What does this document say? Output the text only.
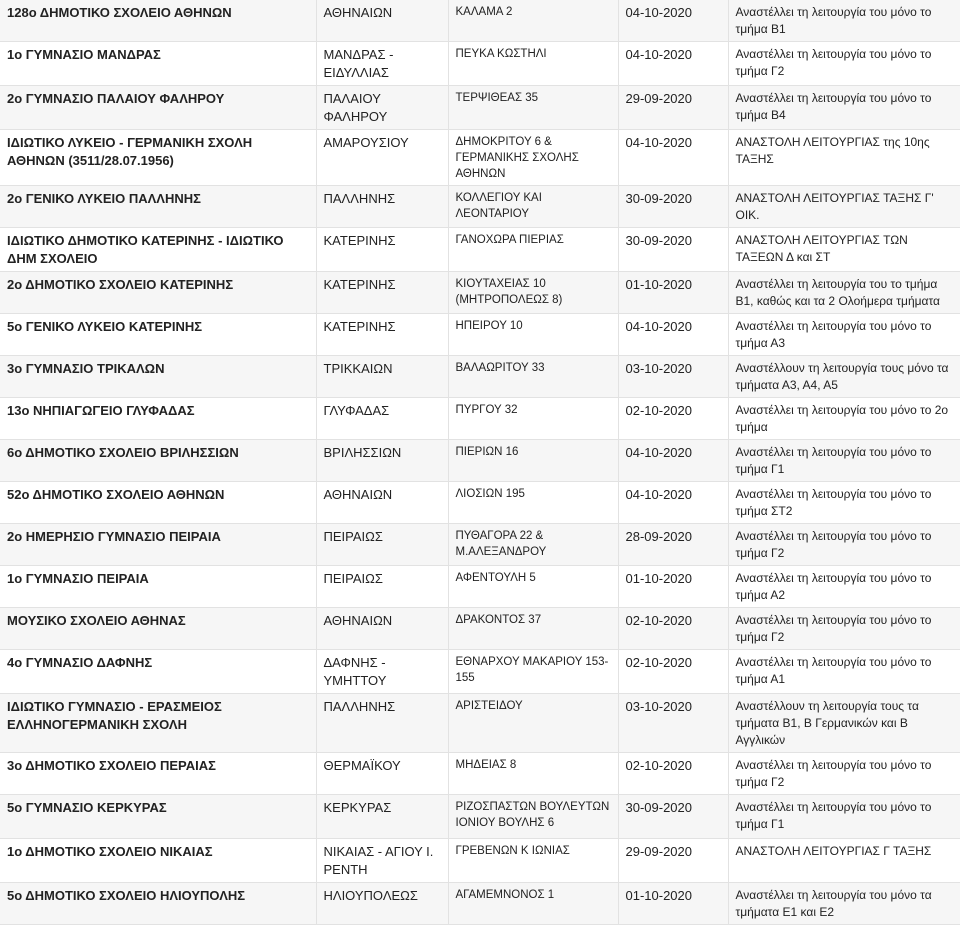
128ο ΔΗΜΟΤΙΚΟ ΣΧΟΛΕΙΟ ΑΘΗΝΩΝ	ΑΘΗΝΑΙΩΝ	ΚΑΛΑΜΑ 2	04-10-2020	Αναστέλλει τη λειτουργία του μόνο το τμήμα Β1
1ο ΓΥΜΝΑΣΙΟ ΜΑΝΔΡΑΣ	ΜΑΝΔΡΑΣ - ΕΙΔΥΛΛΙΑΣ	ΠΕΥΚΑ ΚΩΣΤΗΛΙ	04-10-2020	Αναστέλλει τη λειτουργία του μόνο το τμήμα Γ2
2ο ΓΥΜΝΑΣΙΟ ΠΑΛΑΙΟΥ ΦΑΛΗΡΟΥ	ΠΑΛΑΙΟΥ ΦΑΛΗΡΟΥ	ΤΕΡΨΙΘΕΑΣ 35	29-09-2020	Αναστέλλει τη λειτουργία του μόνο το τμήμα Β4
ΙΔΙΩΤΙΚΟ ΛΥΚΕΙΟ - ΓΕΡΜΑΝΙΚΗ ΣΧΟΛΗ ΑΘΗΝΩΝ (3511/28.07.1956)	ΑΜΑΡΟΥΣΙΟΥ	ΔΗΜΟΚΡΙΤΟΥ 6 & ΓΕΡΜΑΝΙΚΗΣ ΣΧΟΛΗΣ ΑΘΗΝΩΝ	04-10-2020	ΑΝΑΣΤΟΛΗ ΛΕΙΤΟΥΡΓΙΑΣ της 10ης ΤΑΞΗΣ
2ο ΓΕΝΙΚΟ ΛΥΚΕΙΟ ΠΑΛΛΗΝΗΣ	ΠΑΛΛΗΝΗΣ	ΚΟΛΛΕΓΙΟΥ ΚΑΙ ΛΕΟΝΤΑΡΙΟΥ	30-09-2020	ΑΝΑΣΤΟΛΗ ΛΕΙΤΟΥΡΓΙΑΣ ΤΑΞΗΣ Γ' ΟΙΚ.
ΙΔΙΩΤΙΚΟ ΔΗΜΟΤΙΚΟ ΚΑΤΕΡΙΝΗΣ - ΙΔΙΩΤΙΚΟ ΔΗΜ ΣΧΟΛΕΙΟ	ΚΑΤΕΡΙΝΗΣ	ΓΑΝΟΧΩΡΑ ΠΙΕΡΙΑΣ	30-09-2020	ΑΝΑΣΤΟΛΗ ΛΕΙΤΟΥΡΓΙΑΣ ΤΩΝ ΤΑΞΕΩΝ Δ και ΣΤ
2ο ΔΗΜΟΤΙΚΟ ΣΧΟΛΕΙΟ ΚΑΤΕΡΙΝΗΣ	ΚΑΤΕΡΙΝΗΣ	ΚΙΟΥΤΑΧΕΙΑΣ 10 (ΜΗΤΡΟΠΟΛΕΩΣ 8)	01-10-2020	Αναστέλλει τη λειτουργία του το τμήμα Β1, καθώς και τα 2 Ολοήμερα τμήματα
5ο ΓΕΝΙΚΟ ΛΥΚΕΙΟ ΚΑΤΕΡΙΝΗΣ	ΚΑΤΕΡΙΝΗΣ	ΗΠΕΙΡΟΥ 10	04-10-2020	Αναστέλλει τη λειτουργία του μόνο το τμήμα Α3
3ο ΓΥΜΝΑΣΙΟ ΤΡΙΚΑΛΩΝ	ΤΡΙΚΚΑΙΩΝ	ΒΑΛΑΩΡΙΤΟΥ 33	03-10-2020	Αναστέλλουν τη λειτουργία τους μόνο τα τμήματα Α3, Α4, Α5
13ο ΝΗΠΙΑΓΩΓΕΙΟ ΓΛΥΦΑΔΑΣ	ΓΛΥΦΑΔΑΣ	ΠΥΡΓΟΥ 32	02-10-2020	Αναστέλλει τη λειτουργία του μόνο το 2ο τμήμα
6ο ΔΗΜΟΤΙΚΟ ΣΧΟΛΕΙΟ ΒΡΙΛΗΣΣΙΩΝ	ΒΡΙΛΗΣΣΙΩΝ	ΠΙΕΡΙΩΝ 16	04-10-2020	Αναστέλλει τη λειτουργία του μόνο το τμήμα Γ1
52ο ΔΗΜΟΤΙΚΟ ΣΧΟΛΕΙΟ ΑΘΗΝΩΝ	ΑΘΗΝΑΙΩΝ	ΛΙΟΣΙΩΝ 195	04-10-2020	Αναστέλλει τη λειτουργία του μόνο το τμήμα ΣΤ2
2ο ΗΜΕΡΗΣΙΟ ΓΥΜΝΑΣΙΟ ΠΕΙΡΑΙΑ	ΠΕΙΡΑΙΩΣ	ΠΥΘΑΓΟΡΑ 22 & Μ.ΑΛΕΞΑΝΔΡΟΥ	28-09-2020	Αναστέλλει τη λειτουργία του μόνο το τμήμα Γ2
1ο ΓΥΜΝΑΣΙΟ ΠΕΙΡΑΙΑ	ΠΕΙΡΑΙΩΣ	ΑΦΕΝΤΟΥΛΗ 5	01-10-2020	Αναστέλλει τη λειτουργία του μόνο το τμήμα Α2
ΜΟΥΣΙΚΟ ΣΧΟΛΕΙΟ ΑΘΗΝΑΣ	ΑΘΗΝΑΙΩΝ	ΔΡΑΚΟΝΤΟΣ 37	02-10-2020	Αναστέλλει τη λειτουργία του μόνο το τμήμα Γ2
4ο ΓΥΜΝΑΣΙΟ ΔΑΦΝΗΣ	ΔΑΦΝΗΣ - ΥΜΗΤΤΟΥ	ΕΘΝΑΡΧΟΥ ΜΑΚΑΡΙΟΥ 153-155	02-10-2020	Αναστέλλει τη λειτουργία του μόνο το τμήμα Α1
ΙΔΙΩΤΙΚΟ ΓΥΜΝΑΣΙΟ - ΕΡΑΣΜΕΙΟΣ ΕΛΛΗΝΟΓΕΡΜΑΝΙΚΗ ΣΧΟΛΗ	ΠΑΛΛΗΝΗΣ	ΑΡΙΣΤΕΙΔΟΥ	03-10-2020	Αναστέλλουν τη λειτουργία τους τα τμήματα Β1, Β Γερμανικών και Β Αγγλικών
3ο ΔΗΜΟΤΙΚΟ ΣΧΟΛΕΙΟ ΠΕΡΑΙΑΣ	ΘΕΡΜΑΪΚΟΥ	ΜΗΔΕΙΑΣ 8	02-10-2020	Αναστέλλει τη λειτουργία του μόνο το τμήμα Γ2
5ο ΓΥΜΝΑΣΙΟ ΚΕΡΚΥΡΑΣ	ΚΕΡΚΥΡΑΣ	ΡΙΖΟΣΠΑΣΤΩΝ ΒΟΥΛΕΥΤΩΝ ΙΟΝΙΟΥ ΒΟΥΛΗΣ 6	30-09-2020	Αναστέλλει τη λειτουργία του μόνο το τμήμα Γ1
1ο ΔΗΜΟΤΙΚΟ ΣΧΟΛΕΙΟ ΝΙΚΑΙΑΣ	ΝΙΚΑΙΑΣ - ΑΓΙΟΥ Ι. ΡΕΝΤΗ	ΓΡΕΒΕΝΩΝ Κ ΙΩΝΙΑΣ	29-09-2020	ΑΝΑΣΤΟΛΗ ΛΕΙΤΟΥΡΓΙΑΣ Γ ΤΑΞΗΣ
5ο ΔΗΜΟΤΙΚΟ ΣΧΟΛΕΙΟ ΗΛΙΟΥΠΟΛΗΣ	ΗΛΙΟΥΠΟΛΕΩΣ	ΑΓΑΜΕΜΝΟΝΟΣ 1	01-10-2020	Αναστέλλει τη λειτουργία του μόνο τα τμήματα Ε1 και Ε2
